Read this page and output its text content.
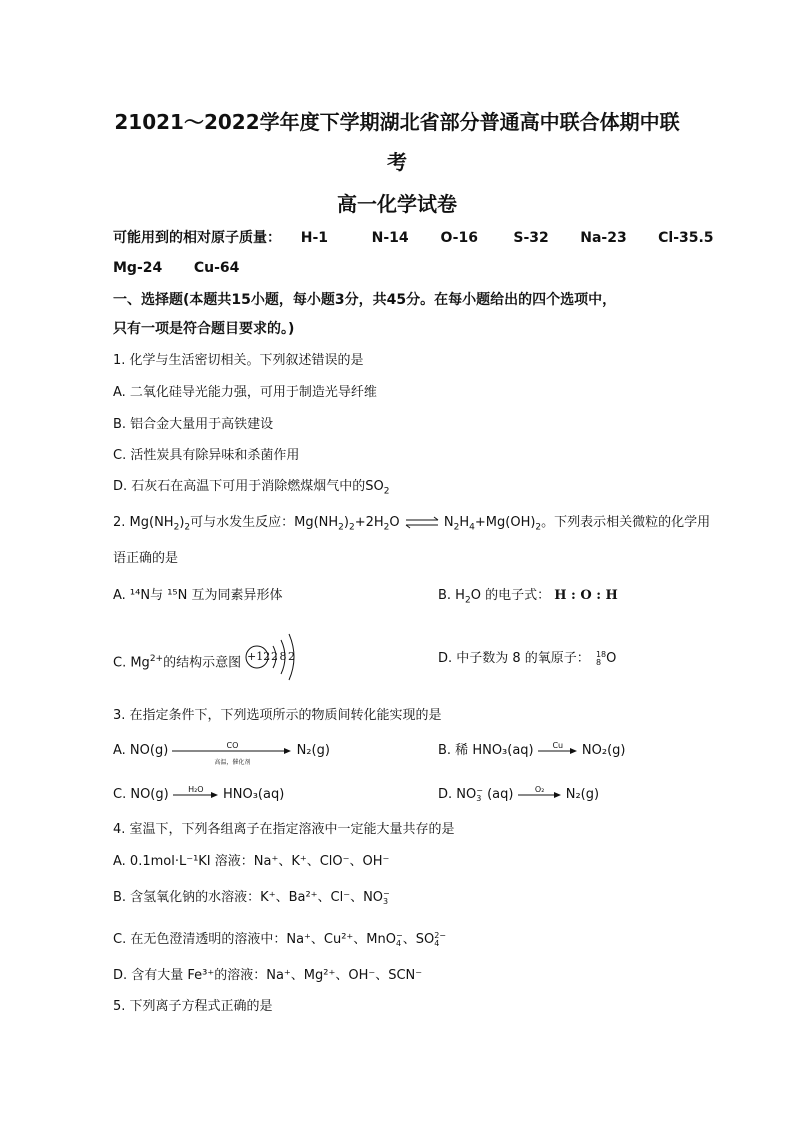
21021～2022学年度下学期湖北省部分普通高中联合体期中联
考
高一化学试卷
可能用到的相对原子质量： H-1	N-14 O-16	S-32 Na-23 Cl-35.5
Mg-24 Cu-64
一、选择题(本题共15小题，每小题3分，共45分。在每小题给出的四个选项中，
只有一项是符合题目要求的。)
1. 化学与生活密切相关。下列叙述错误的是
A. 二氧化硅导光能力强，可用于制造光导纤维
B. 铝合金大量用于高铁建设
C. 活性炭具有除异味和杀菌作用
D. 石灰石在高温下可用于消除燃煤烟气中的$SO_2$
2. $Mg(NH_2)_2$可与水发生反应：$Mg(NH_2)_2+2H_2O$ ⇌ $N_2H_4+Mg(OH)_2$。下列表示相关微粒的化学用
语正确的是
A. ¹⁴N与 ¹⁵N 互为同素异形体	B. $H_2O$ 的电子式： H : O : H
C. $Mg^{2+}$的结构示意图 +12 2 8 2	D. 中子数为 8 的氧原子： 18
8 O
3. 在指定条件下，下列选项所示的物质间转化能实现的是
A. NO(g)	CO
高温，催化剂
N₂(g)	B. 稀 HNO₃(aq)	Cu	NO₂(g)
C. NO(g)	H₂O	HNO₃(aq)	D. NO −
3 (aq)	O₂	N₂(g)
4. 室温下，下列各组离子在指定溶液中一定能大量共存的是
A. 0.1mol·L⁻¹KI 溶液：Na⁺、K⁺、ClO⁻、OH⁻
B. 含氢氧化钠的水溶液：K⁺、Ba²⁺、Cl⁻、NO −
3
C. 在无色澄清透明的溶液中：Na⁺、Cu²⁺、MnO −
4 、SO 2−
4
D. 含有大量 Fe³⁺的溶液：Na⁺、Mg²⁺、OH⁻、SCN⁻
5. 下列离子方程式正确的是
